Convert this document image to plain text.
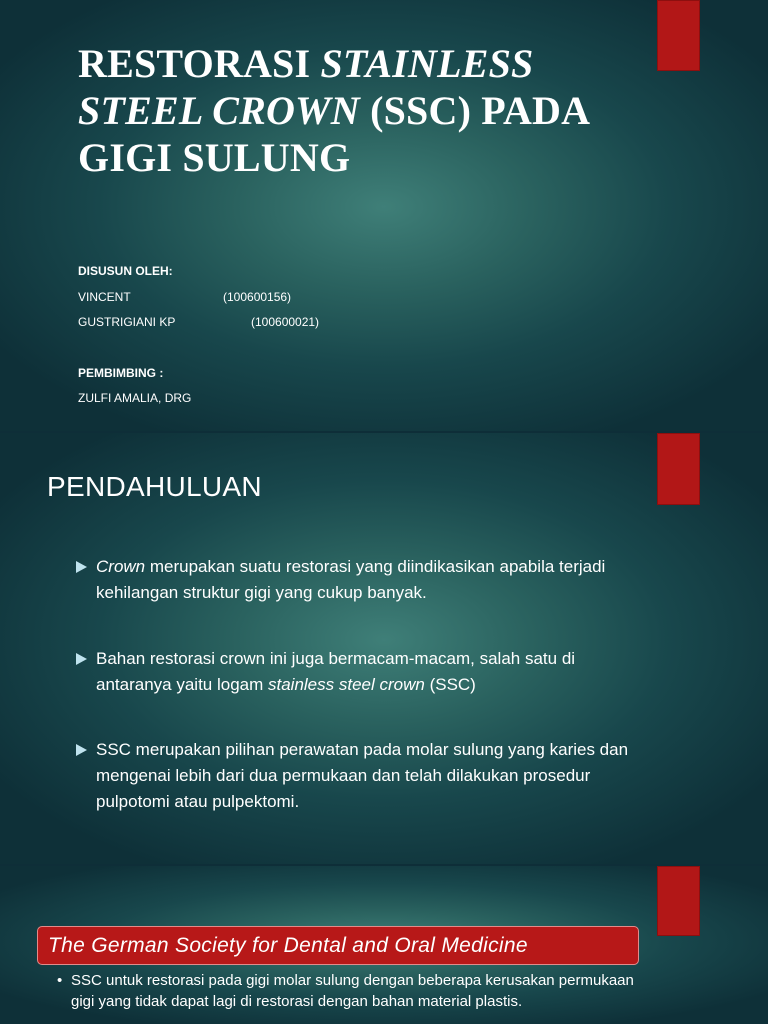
RESTORASI STAINLESS STEEL CROWN (SSC) PADA GIGI SULUNG
DISUSUN OLEH:
VINCENT	(100600156)
GUSTRIGIANI KP	(100600021)
PEMBIMBING :
ZULFI AMALIA, DRG
PENDAHULUAN
Crown merupakan suatu restorasi yang diindikasikan apabila terjadi kehilangan struktur gigi yang cukup banyak.
Bahan restorasi crown ini juga bermacam-macam, salah satu di antaranya yaitu logam stainless steel crown (SSC)
SSC merupakan pilihan perawatan pada molar sulung yang karies dan mengenai lebih dari dua permukaan dan telah dilakukan prosedur pulpotomi atau pulpektomi.
The German Society for Dental and Oral Medicine
• SSC untuk restorasi pada gigi molar sulung dengan beberapa kerusakan permukaan gigi yang tidak dapat lagi di restorasi dengan bahan material plastis.
